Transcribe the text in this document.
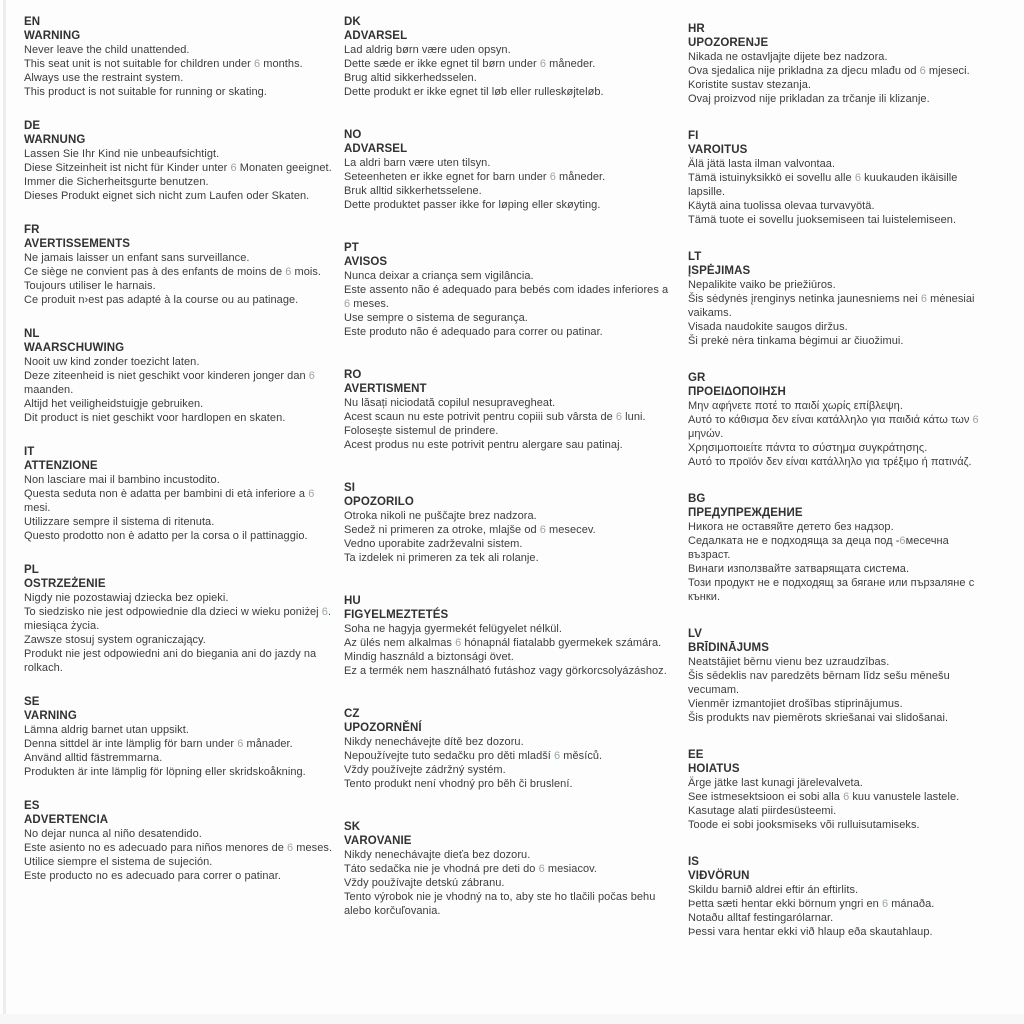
EN
WARNING
Never leave the child unattended.
This seat unit is not suitable for children under 6 months.
Always use the restraint system.
This product is not suitable for running or skating.
DE
WARNUNG
Lassen Sie Ihr Kind nie unbeaufsichtigt.
Diese Sitzeinheit ist nicht für Kinder unter 6 Monaten geeignet.
Immer die Sicherheitsgurte benutzen.
Dieses Produkt eignet sich nicht zum Laufen oder Skaten.
FR
AVERTISSEMENTS
Ne jamais laisser un enfant sans surveillance.
Ce siège ne convient pas à des enfants de moins de 6 mois.
Toujours utiliser le harnais.
Ce produit n›est pas adapté à la course ou au patinage.
NL
WAARSCHUWING
Nooit uw kind zonder toezicht laten.
Deze ziteenheid is niet geschikt voor kinderen jonger dan 6 maanden.
Altijd het veiligheidstuigje gebruiken.
Dit product is niet geschikt voor hardlopen en skaten.
IT
ATTENZIONE
Non lasciare mai il bambino incustodito.
Questa seduta non è adatta per bambini di età inferiore a 6 mesi.
Utilizzare sempre il sistema di ritenuta.
Questo prodotto non è adatto per la corsa o il pattinaggio.
PL
OSTRZEŻENIE
Nigdy nie pozostawiaj dziecka bez opieki.
To siedzisko nie jest odpowiednie dla dzieci w wieku poniżej 6. miesiąca życia.
Zawsze stosuj system ograniczający.
Produkt nie jest odpowiedni ani do biegania ani do jazdy na rolkach.
SE
VARNING
Lämna aldrig barnet utan uppsikt.
Denna sittdel är inte lämplig för barn under 6 månader.
Använd alltid fästremmarna.
Produkten är inte lämplig för löpning eller skridskoåkning.
ES
ADVERTENCIA
No dejar nunca al niño desatendido.
Este asiento no es adecuado para niños menores de 6 meses.
Utilice siempre el sistema de sujeción.
Este producto no es adecuado para correr o patinar.
DK
ADVARSEL
Lad aldrig børn være uden opsyn.
Dette sæde er ikke egnet til børn under 6 måneder.
Brug altid sikkerhedsselen.
Dette produkt er ikke egnet til løb eller rulleskøjteløb.
NO
ADVARSEL
La aldri barn være uten tilsyn.
Seteenheten er ikke egnet for barn under 6 måneder.
Bruk alltid sikkerhetsselene.
Dette produktet passer ikke for løping eller skøyting.
PT
AVISOS
Nunca deixar a criança sem vigilância.
Este assento não é adequado para bebés com idades inferiores a 6 meses.
Use sempre o sistema de segurança.
Este produto não é adequado para correr ou patinar.
RO
AVERTISMENT
Nu lăsați niciodată copilul nesupravegheat.
Acest scaun nu este potrivit pentru copiii sub vârsta de 6 luni.
Folosește sistemul de prindere.
Acest produs nu este potrivit pentru alergare sau patinaj.
SI
OPOZORILO
Otroka nikoli ne puščajte brez nadzora.
Sedež ni primeren za otroke, mlajše od 6 mesecev.
Vedno uporabite zadrževalni sistem.
Ta izdelek ni primeren za tek ali rolanje.
HU
FIGYELMEZTETÉS
Soha ne hagyja gyermekét felügyelet nélkül.
Az ülés nem alkalmas 6 hónapnál fiatalabb gyermekek számára.
Mindig használd a biztonsági övet.
Ez a termék nem használható futáshoz vagy görkorcsolyázáshoz.
CZ
UPOZORNĚNÍ
Nikdy nenechávejte dítě bez dozoru.
Nepoužívejte tuto sedačku pro děti mladší 6 měsíců.
Vždy používejte zádržný systém.
Tento produkt není vhodný pro běh či bruslení.
SK
VAROVANIE
Nikdy nenechávajte dieťa bez dozoru.
Táto sedačka nie je vhodná pre deti do 6 mesiacov.
Vždy používajte detskú zábranu.
Tento výrobok nie je vhodný na to, aby ste ho tlačili počas behu alebo korčuľovania.
HR
UPOZORENJE
Nikada ne ostavljajte dijete bez nadzora.
Ova sjedalica nije prikladna za djecu mlađu od 6 mjeseci.
Koristite sustav stezanja.
Ovaj proizvod nije prikladan za trčanje ili klizanje.
FI
VAROITUS
Älä jätä lasta ilman valvontaa.
Tämä istuinyksikkö ei sovellu alle 6 kuukauden ikäisille lapsille.
Käytä aina tuolissa olevaa turvavyötä.
Tämä tuote ei sovellu juoksemiseen tai luistelemiseen.
LT
ĮSPĖJIMAS
Nepalikite vaiko be priežiūros.
Šis sėdynės įrenginys netinka jaunesniems nei 6 mėnesiai vaikams.
Visada naudokite saugos diržus.
Ši prekė nėra tinkama bėgimui ar čiuožimui.
GR
ΠΡΟΕΙΔΟΠΟΙΗΣΗ
Μην αφήνετε ποτέ το παιδί χωρίς επίβλεψη.
Αυτό το κάθισμα δεν είναι κατάλληλο για παιδιά κάτω των 6 μηνών.
Χρησιμοποιείτε πάντα το σύστημα συγκράτησης.
Αυτό το προϊόν δεν είναι κατάλληλο για τρέξιμο ή πατινάζ.
BG
ПРЕДУПРЕЖДЕНИЕ
Никога не оставяйте детето без надзор.
Седалката не е подходяща за деца под -6месечна възраст.
Винаги използвайте затварящата система.
Този продукт не е подходящ за бягане или пързаляне с кънки.
LV
BRĪDINĀJUMS
Neatstājiet bērnu vienu bez uzraudzības.
Šis sēdeklis nav paredzēts bērnam līdz sešu mēnešu vecumam.
Vienmēr izmantojiet drošības stiprinājumus.
Šis produkts nav piemērots skriešanai vai slidošanai.
EE
HOIATUS
Ärge jätke last kunagi järelevalveta.
See istmesektsioon ei sobi alla 6 kuu vanustele lastele.
Kasutage alati piirdesüsteemi.
Toode ei sobi jooksmiseks või rulluisutamiseks.
IS
VIÐVÖRUN
Skildu barnið aldrei eftir án eftirlits.
Þetta sæti hentar ekki börnum yngri en 6 mánaða.
Notaðu alltaf festingarólarnar.
Þessi vara hentar ekki við hlaup eða skautahlaup.
